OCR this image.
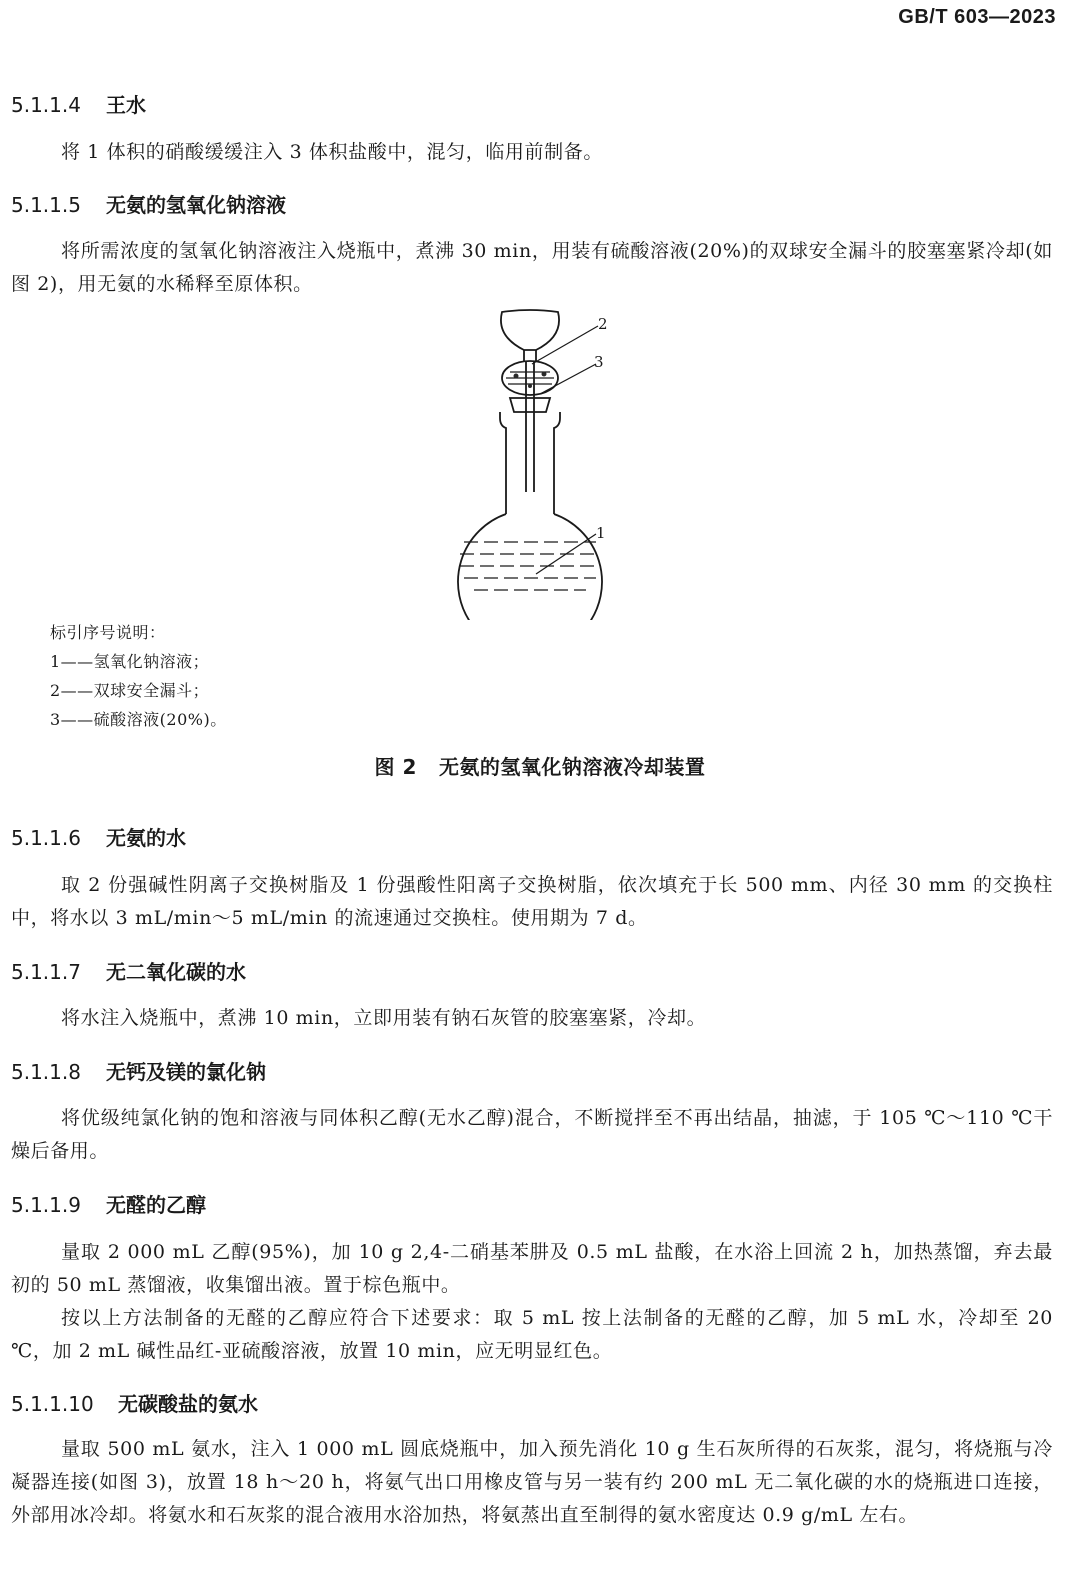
GB/T 603—2023
5.1.1.4 王水
将 1 体积的硝酸缓缓注入 3 体积盐酸中，混匀，临用前制备。
5.1.1.5 无氨的氢氧化钠溶液
将所需浓度的氢氧化钠溶液注入烧瓶中，煮沸 30 min，用装有硫酸溶液(20%)的双球安全漏斗的胶塞塞紧冷却(如图 2)，用无氨的水稀释至原体积。
2
3
1
标引序号说明：
1——氢氧化钠溶液；
2——双球安全漏斗；
3——硫酸溶液(20%)。
图 2 无氨的氢氧化钠溶液冷却装置
5.1.1.6 无氨的水
取 2 份强碱性阴离子交换树脂及 1 份强酸性阳离子交换树脂，依次填充于长 500 mm、内径 30 mm 的交换柱中，将水以 3 mL/min～5 mL/min 的流速通过交换柱。使用期为 7 d。
5.1.1.7 无二氧化碳的水
将水注入烧瓶中，煮沸 10 min，立即用装有钠石灰管的胶塞塞紧，冷却。
5.1.1.8 无钙及镁的氯化钠
将优级纯氯化钠的饱和溶液与同体积乙醇(无水乙醇)混合，不断搅拌至不再出结晶，抽滤，于 105 ℃～110 ℃干燥后备用。
5.1.1.9 无醛的乙醇
量取 2 000 mL 乙醇(95%)，加 10 g 2,4-二硝基苯肼及 0.5 mL 盐酸，在水浴上回流 2 h，加热蒸馏，弃去最初的 50 mL 蒸馏液，收集馏出液。置于棕色瓶中。
按以上方法制备的无醛的乙醇应符合下述要求：取 5 mL 按上法制备的无醛的乙醇，加 5 mL 水，冷却至 20 ℃，加 2 mL 碱性品红-亚硫酸溶液，放置 10 min，应无明显红色。
5.1.1.10 无碳酸盐的氨水
量取 500 mL 氨水，注入 1 000 mL 圆底烧瓶中，加入预先消化 10 g 生石灰所得的石灰浆，混匀，将烧瓶与冷凝器连接(如图 3)，放置 18 h～20 h，将氨气出口用橡皮管与另一装有约 200 mL 无二氧化碳的水的烧瓶进口连接，外部用冰冷却。将氨水和石灰浆的混合液用水浴加热，将氨蒸出直至制得的氨水密度达 0.9 g/mL 左右。
